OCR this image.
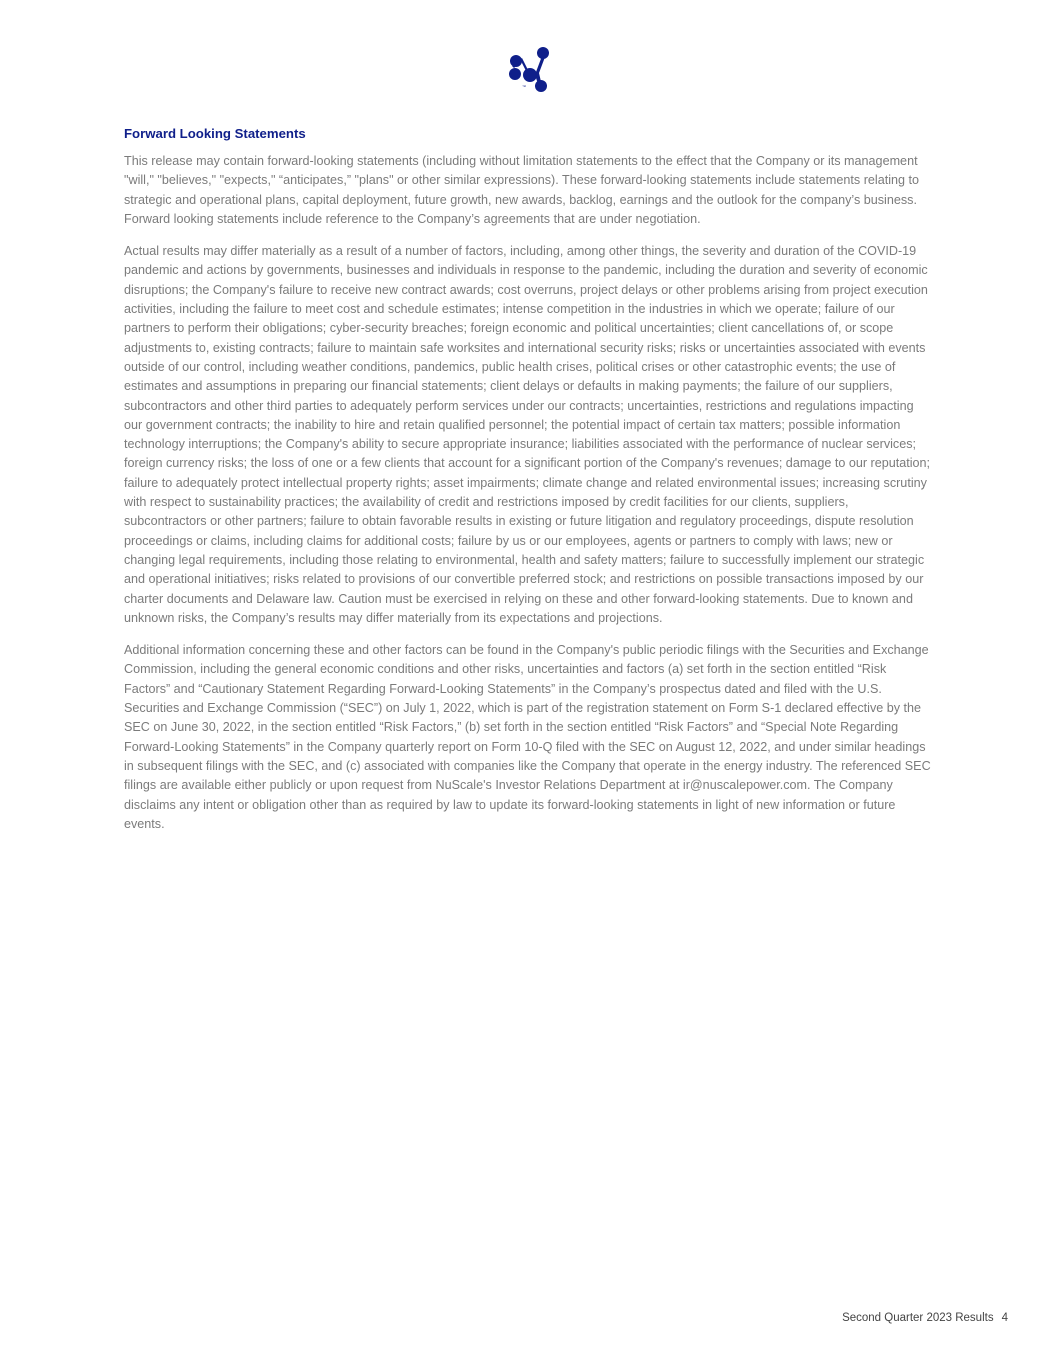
™
Forward Looking Statements

This release may contain forward-looking statements (including without limitation statements to the effect that the Company or its management "will," "believes," "expects," “anticipates,” "plans" or other similar expressions). These forward-looking statements include statements relating to strategic and operational plans, capital deployment, future growth, new awards, backlog, earnings and the outlook for the company’s business. Forward looking statements include reference to the Company’s agreements that are under negotiation.

Actual results may differ materially as a result of a number of factors, including, among other things, the severity and duration of the COVID-19 pandemic and actions by governments, businesses and individuals in response to the pandemic, including the duration and severity of economic disruptions; the Company's failure to receive new contract awards; cost overruns, project delays or other problems arising from project execution activities, including the failure to meet cost and schedule estimates; intense competition in the industries in which we operate; failure of our partners to perform their obligations; cyber-security breaches; foreign economic and political uncertainties; client cancellations of, or scope adjustments to, existing contracts; failure to maintain safe worksites and international security risks; risks or uncertainties associated with events outside of our control, including weather conditions, pandemics, public health crises, political crises or other catastrophic events; the use of estimates and assumptions in preparing our financial statements; client delays or defaults in making payments; the failure of our suppliers, subcontractors and other third parties to adequately perform services under our contracts; uncertainties, restrictions and regulations impacting our government contracts; the inability to hire and retain qualified personnel; the potential impact of certain tax matters; possible information technology interruptions; the Company's ability to secure appropriate insurance; liabilities associated with the performance of nuclear services; foreign currency risks; the loss of one or a few clients that account for a significant portion of the Company's revenues; damage to our reputation; failure to adequately protect intellectual property rights; asset impairments; climate change and related environmental issues; increasing scrutiny with respect to sustainability practices; the availability of credit and restrictions imposed by credit facilities for our clients, suppliers, subcontractors or other partners; failure to obtain favorable results in existing or future litigation and regulatory proceedings, dispute resolution proceedings or claims, including claims for additional costs; failure by us or our employees, agents or partners to comply with laws; new or changing legal requirements, including those relating to environmental, health and safety matters; failure to successfully implement our strategic and operational initiatives; risks related to provisions of our convertible preferred stock; and restrictions on possible transactions imposed by our charter documents and Delaware law. Caution must be exercised in relying on these and other forward-looking statements. Due to known and unknown risks, the Company’s results may differ materially from its expectations and projections.

Additional information concerning these and other factors can be found in the Company's public periodic filings with the Securities and Exchange Commission, including the general economic conditions and other risks, uncertainties and factors (a) set forth in the section entitled “Risk Factors” and “Cautionary Statement Regarding Forward-Looking Statements” in the Company’s prospectus dated and filed with the U.S. Securities and Exchange Commission (“SEC”) on July 1, 2022, which is part of the registration statement on Form S-1 declared effective by the SEC on June 30, 2022, in the section entitled “Risk Factors,” (b) set forth in the section entitled “Risk Factors” and “Special Note Regarding Forward-Looking Statements” in the Company quarterly report on Form 10-Q filed with the SEC on August 12, 2022, and under similar headings in subsequent filings with the SEC, and (c) associated with companies like the Company that operate in the energy industry. The referenced SEC filings are available either publicly or upon request from NuScale's Investor Relations Department at ir@nuscalepower.com. The Company disclaims any intent or obligation other than as required by law to update its forward-looking statements in light of new information or future events.

Second Quarter 2023 Results 4
